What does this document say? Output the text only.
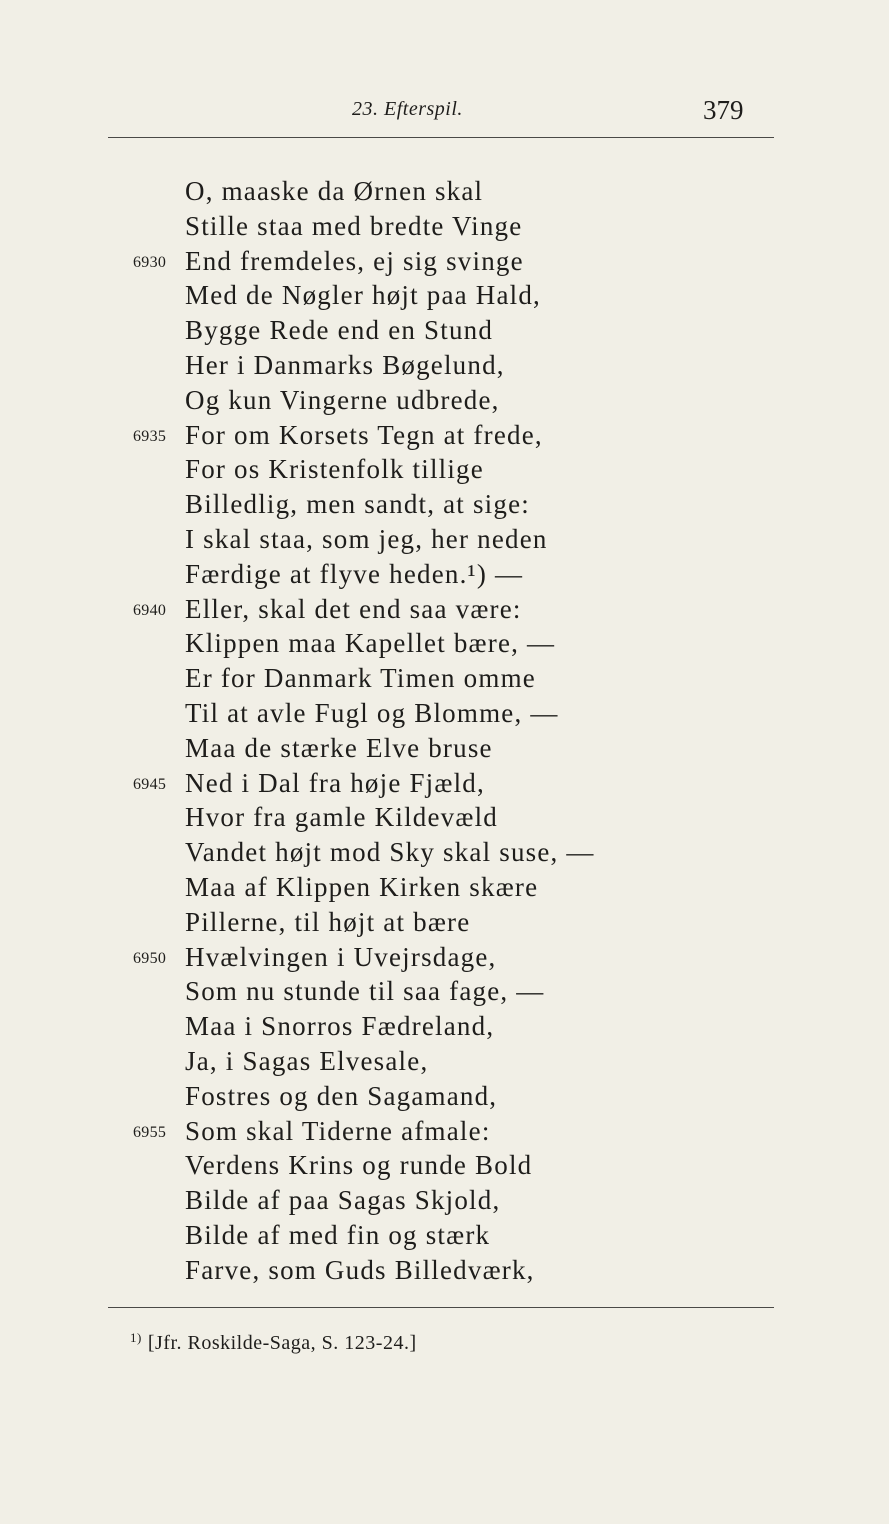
23. Efterspil.	379
O, maaske da Ørnen skal
Stille staa med bredte Vinge
6930 End fremdeles, ej sig svinge
Med de Nøgler højt paa Hald,
Bygge Rede end en Stund
Her i Danmarks Bøgelund,
Og kun Vingerne udbrede,
6935 For om Korsets Tegn at frede,
For os Kristenfolk tillige
Billedlig, men sandt, at sige:
I skal staa, som jeg, her neden
Færdige at flyve heden.¹) —
6940 Eller, skal det end saa være:
Klippen maa Kapellet bære, —
Er for Danmark Timen omme
Til at avle Fugl og Blomme, —
Maa de stærke Elve bruse
6945 Ned i Dal fra høje Fjæld,
Hvor fra gamle Kildevæld
Vandet højt mod Sky skal suse, —
Maa af Klippen Kirken skære
Pillerne, til højt at bære
6950 Hvælvingen i Uvejrsdage,
Som nu stunde til saa fage, —
Maa i Snorros Fædreland,
Ja, i Sagas Elvesale,
Fostres og den Sagamand,
6955 Som skal Tiderne afmale:
Verdens Krins og runde Bold
Bilde af paa Sagas Skjold,
Bilde af med fin og stærk
Farve, som Guds Billedværk,
$^{1)}$ [Jfr. Roskilde-Saga, S. 123-24.]
